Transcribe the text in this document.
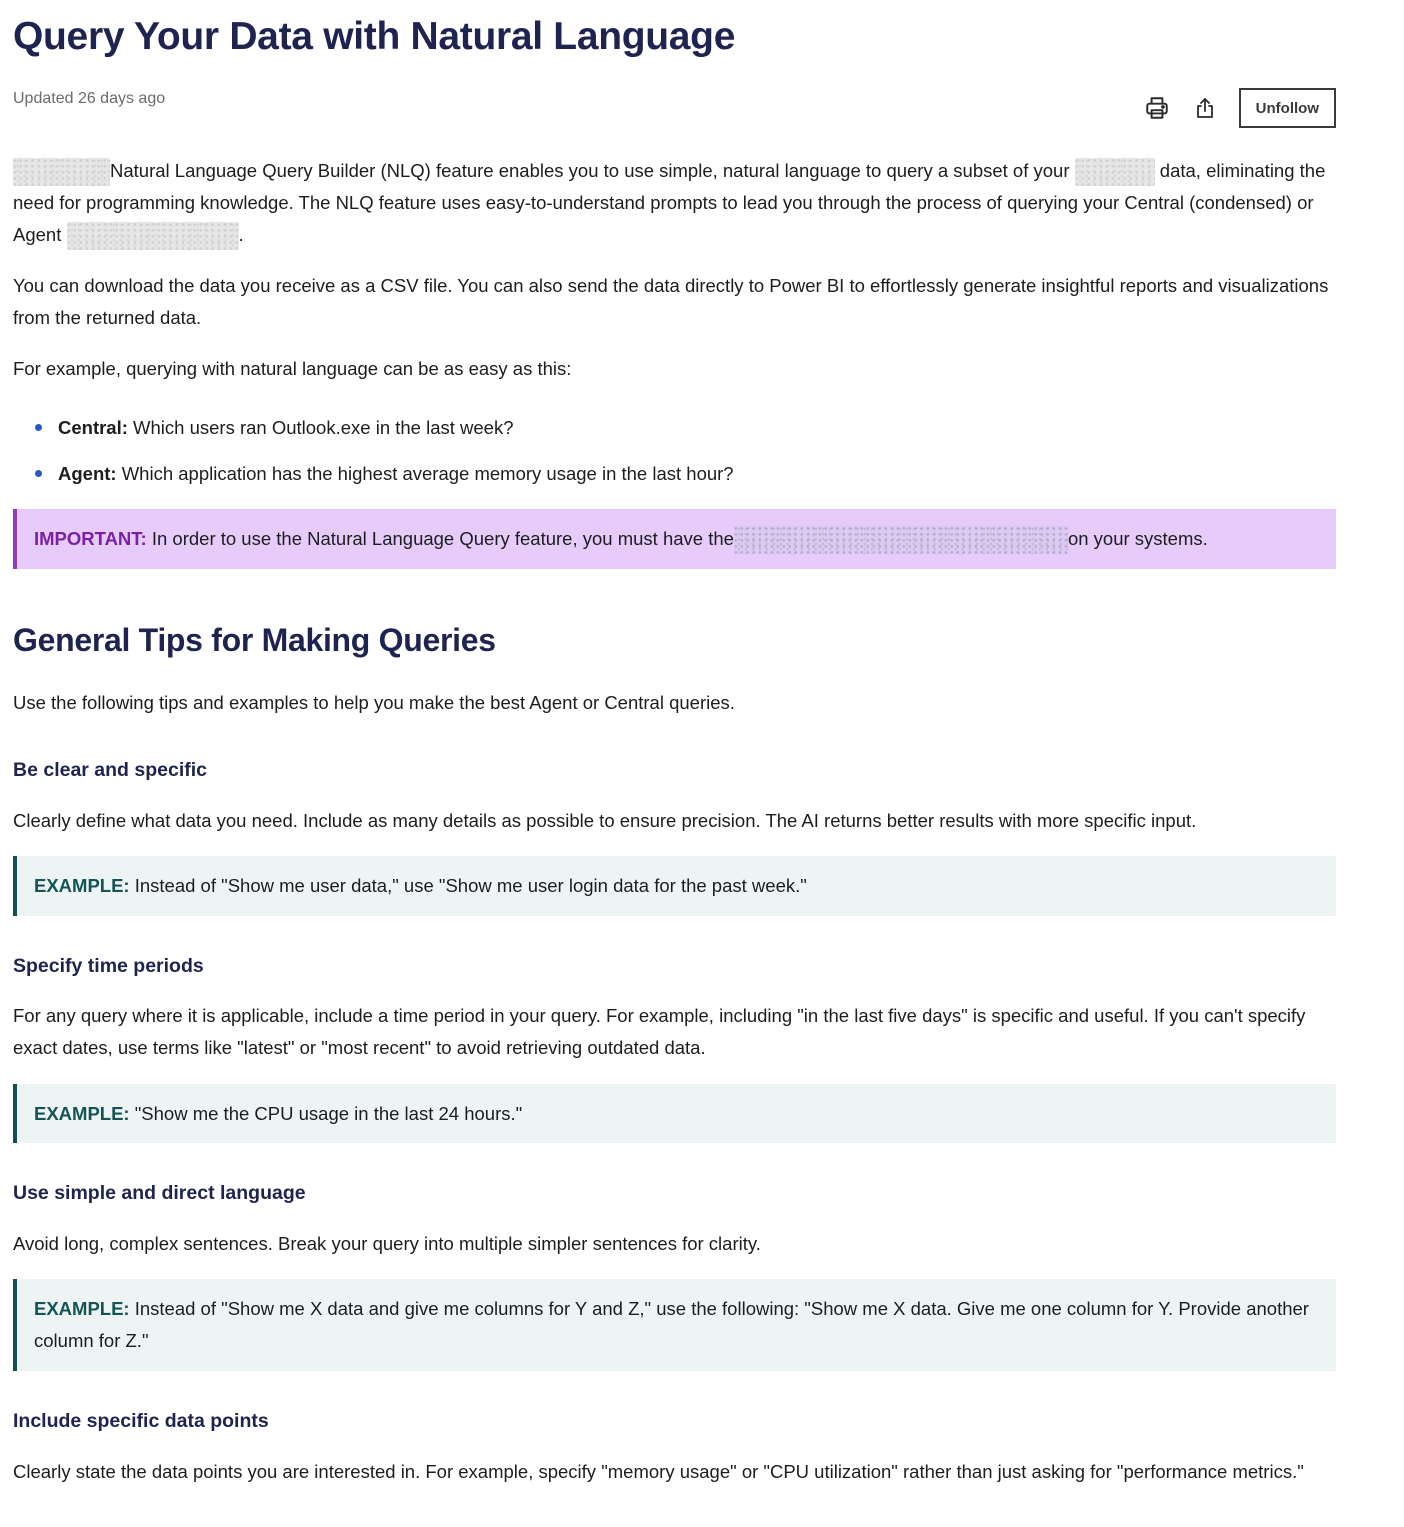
Query Your Data with Natural Language
Updated 26 days ago
Unfollow

Natural Language Query Builder (NLQ) feature enables you to use simple, natural language to query a subset of your	data, eliminating the need for programming knowledge. The NLQ feature uses easy-to-understand prompts to lead you through the process of querying your Central (condensed) or Agent	.

You can download the data you receive as a CSV file. You can also send the data directly to Power BI to effortlessly generate insightful reports and visualizations from the returned data.

For example, querying with natural language can be as easy as this:

Central: Which users ran Outlook.exe in the last week?
Agent: Which application has the highest average memory usage in the last hour?
IMPORTANT: In order to use the Natural Language Query feature, you must have the	on your systems.
General Tips for Making Queries

Use the following tips and examples to help you make the best Agent or Central queries.

Be clear and specific

Clearly define what data you need. Include as many details as possible to ensure precision. The AI returns better results with more specific input.

EXAMPLE: Instead of "Show me user data," use "Show me user login data for the past week."
Specify time periods

For any query where it is applicable, include a time period in your query. For example, including "in the last five days" is specific and useful. If you can't specify exact dates, use terms like "latest" or "most recent" to avoid retrieving outdated data.

EXAMPLE: "Show me the CPU usage in the last 24 hours."
Use simple and direct language

Avoid long, complex sentences. Break your query into multiple simpler sentences for clarity.

EXAMPLE: Instead of "Show me X data and give me columns for Y and Z," use the following: "Show me X data. Give me one column for Y. Provide another column for Z."
Include specific data points

Clearly state the data points you are interested in. For example, specify "memory usage" or "CPU utilization" rather than just asking for "performance metrics."
